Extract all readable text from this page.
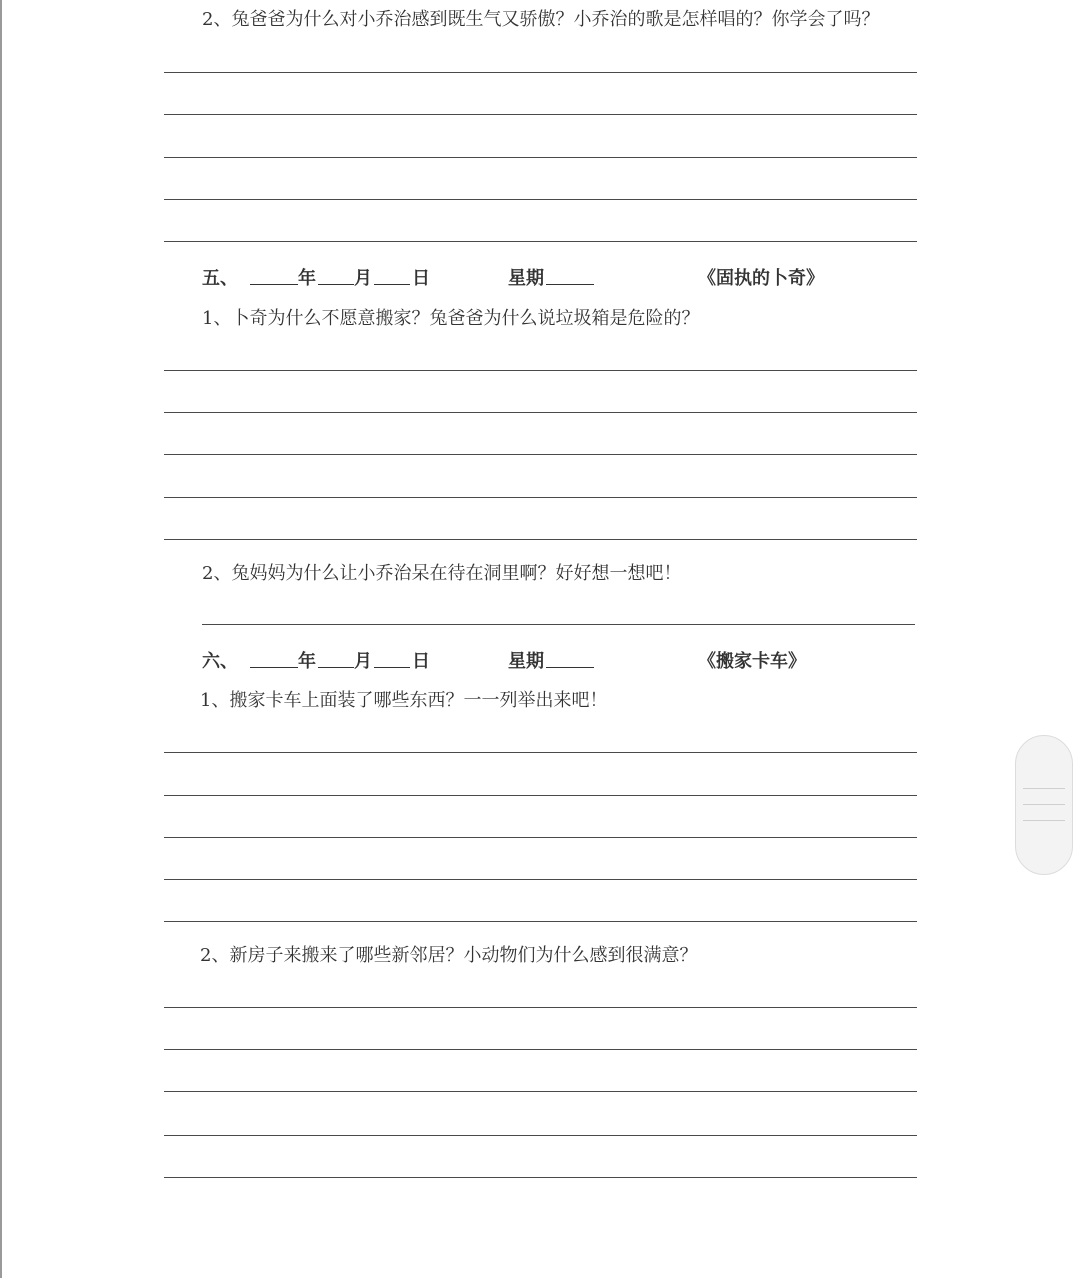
2、兔爸爸为什么对小乔治感到既生气又骄傲？小乔治的歌是怎样唱的？你学会了吗？
五、	年 月 日	星期	《固执的卜奇》
1、卜奇为什么不愿意搬家？兔爸爸为什么说垃圾箱是危险的？
2、兔妈妈为什么让小乔治呆在待在洞里啊？好好想一想吧！
六、	年 月 日	星期	《搬家卡车》
1、搬家卡车上面装了哪些东西？一一列举出来吧！
2、新房子来搬来了哪些新邻居？小动物们为什么感到很满意？
